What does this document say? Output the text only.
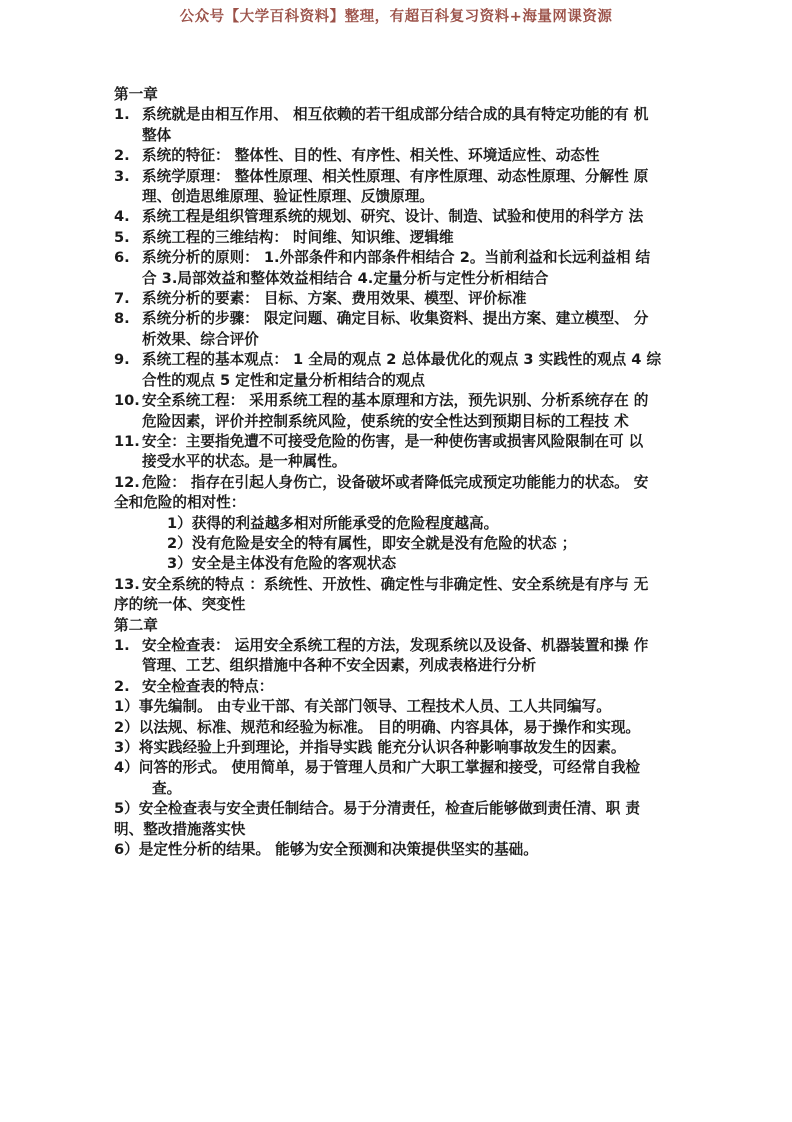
公众号【大学百科资料】整理，有超百科复习资料+海量网课资源
第一章
1. 系统就是由相互作用、 相互依赖的若干组成部分结合成的具有特定功能的有 机
整体
2. 系统的特征： 整体性、目的性、有序性、相关性、环境适应性、动态性
3. 系统学原理： 整体性原理、相关性原理、有序性原理、动态性原理、分解性 原
理、创造思维原理、验证性原理、反馈原理。
4. 系统工程是组织管理系统的规划、研究、设计、制造、试验和使用的科学方 法
5. 系统工程的三维结构： 时间维、知识维、逻辑维
6. 系统分析的原则： 1.外部条件和内部条件相结合 2。当前利益和长远利益相 结
合 3.局部效益和整体效益相结合 4.定量分析与定性分析相结合
7. 系统分析的要素： 目标、方案、费用效果、模型、评价标准
8. 系统分析的步骤： 限定问题、确定目标、收集资料、提出方案、建立模型、 分
析效果、综合评价
9. 系统工程的基本观点： 1 全局的观点 2 总体最优化的观点 3 实践性的观点 4 综
合性的观点 5 定性和定量分析相结合的观点
10. 安全系统工程： 采用系统工程的基本原理和方法，预先识别、分析系统存在 的
危险因素，评价并控制系统风险，使系统的安全性达到预期目标的工程技 术
11. 安全：主要指免遭不可接受危险的伤害，是一种使伤害或损害风险限制在可 以
接受水平的状态。是一种属性。
12. 危险： 指存在引起人身伤亡，设备破坏或者降低完成预定功能能力的状态。 安
全和危险的相对性：
1）获得的利益越多相对所能承受的危险程度越高。
2）没有危险是安全的特有属性，即安全就是没有危险的状态 ；
3）安全是主体没有危险的客观状态
13. 安全系统的特点 ：系统性、开放性、确定性与非确定性、安全系统是有序与 无
序的统一体、突变性
第二章
1. 安全检查表： 运用安全系统工程的方法，发现系统以及设备、机器装置和操 作
管理、工艺、组织措施中各种不安全因素，列成表格进行分析
2. 安全检查表的特点：
1）事先编制。 由专业干部、有关部门领导、工程技术人员、工人共同编写。
2）以法规、标准、规范和经验为标准。 目的明确、内容具体，易于操作和实现。
3）将实践经验上升到理论，并指导实践 能充分认识各种影响事故发生的因素。
4）问答的形式。 使用简单，易于管理人员和广大职工掌握和接受，可经常自我检
查。
5）安全检查表与安全责任制结合。易于分清责任，检查后能够做到责任清、职 责
明、整改措施落实快
6）是定性分析的结果。 能够为安全预测和决策提供坚实的基础。
